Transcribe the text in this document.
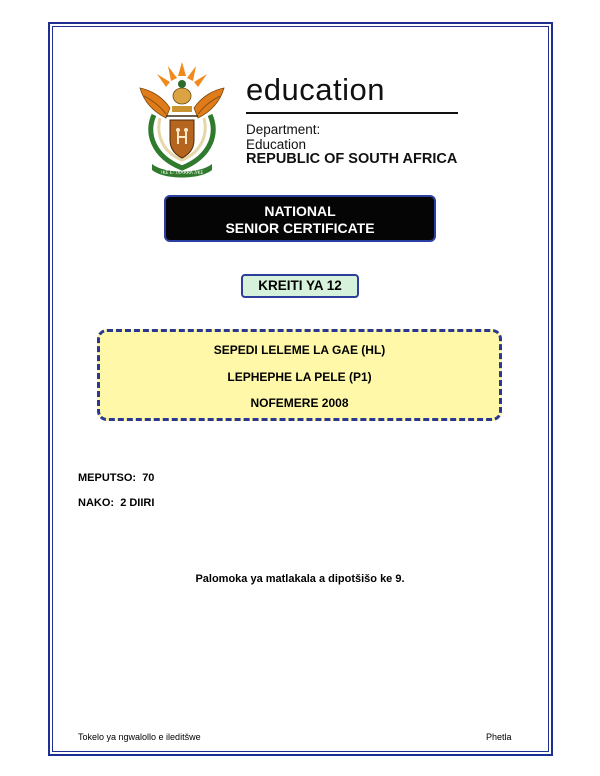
!KE E: /XARRA //KE
education
Department:
Education
REPUBLIC OF SOUTH AFRICA
NATIONAL
SENIOR CERTIFICATE
KREITI YA 12
SEPEDI LELEME LA GAE (HL)
LEPHEPHE LA PELE (P1)
NOFEMERE 2008
MEPUTSO: 70
NAKO: 2 DIIRI
Palomoka ya matlakala a dipotšišo ke 9.
Tokelo ya ngwalollo e ileditšwe	Phetla
